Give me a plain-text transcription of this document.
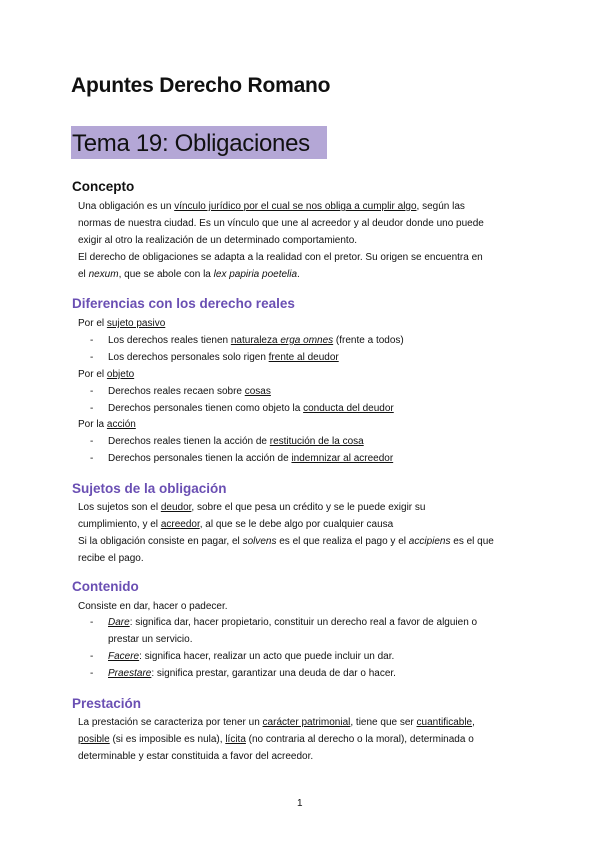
Apuntes Derecho Romano
Tema 19: Obligaciones
Concepto
Una obligación es un vínculo jurídico por el cual se nos obliga a cumplir algo, según las
normas de nuestra ciudad. Es un vínculo que une al acreedor y al deudor donde uno puede
exigir al otro la realización de un determinado comportamiento.
El derecho de obligaciones se adapta a la realidad con el pretor. Su origen se encuentra en
el nexum, que se abole con la lex papiria poetelia.
Diferencias con los derecho reales
Por el sujeto pasivo
- Los derechos reales tienen naturaleza erga omnes (frente a todos)
- Los derechos personales solo rigen frente al deudor
Por el objeto
- Derechos reales recaen sobre cosas
- Derechos personales tienen como objeto la conducta del deudor
Por la acción
- Derechos reales tienen la acción de restitución de la cosa
- Derechos personales tienen la acción de indemnizar al acreedor
Sujetos de la obligación
Los sujetos son el deudor, sobre el que pesa un crédito y se le puede exigir su
cumplimiento, y el acreedor, al que se le debe algo por cualquier causa
Si la obligación consiste en pagar, el solvens es el que realiza el pago y el accipiens es el que
recibe el pago.
Contenido
Consiste en dar, hacer o padecer.
- Dare: significa dar, hacer propietario, constituir un derecho real a favor de alguien o
prestar un servicio.
- Facere: significa hacer, realizar un acto que puede incluir un dar.
- Praestare: significa prestar, garantizar una deuda de dar o hacer.
Prestación
La prestación se caracteriza por tener un carácter patrimonial, tiene que ser cuantificable,
posible (si es imposible es nula), lícita (no contraria al derecho o la moral), determinada o
determinable y estar constituida a favor del acreedor.
1
